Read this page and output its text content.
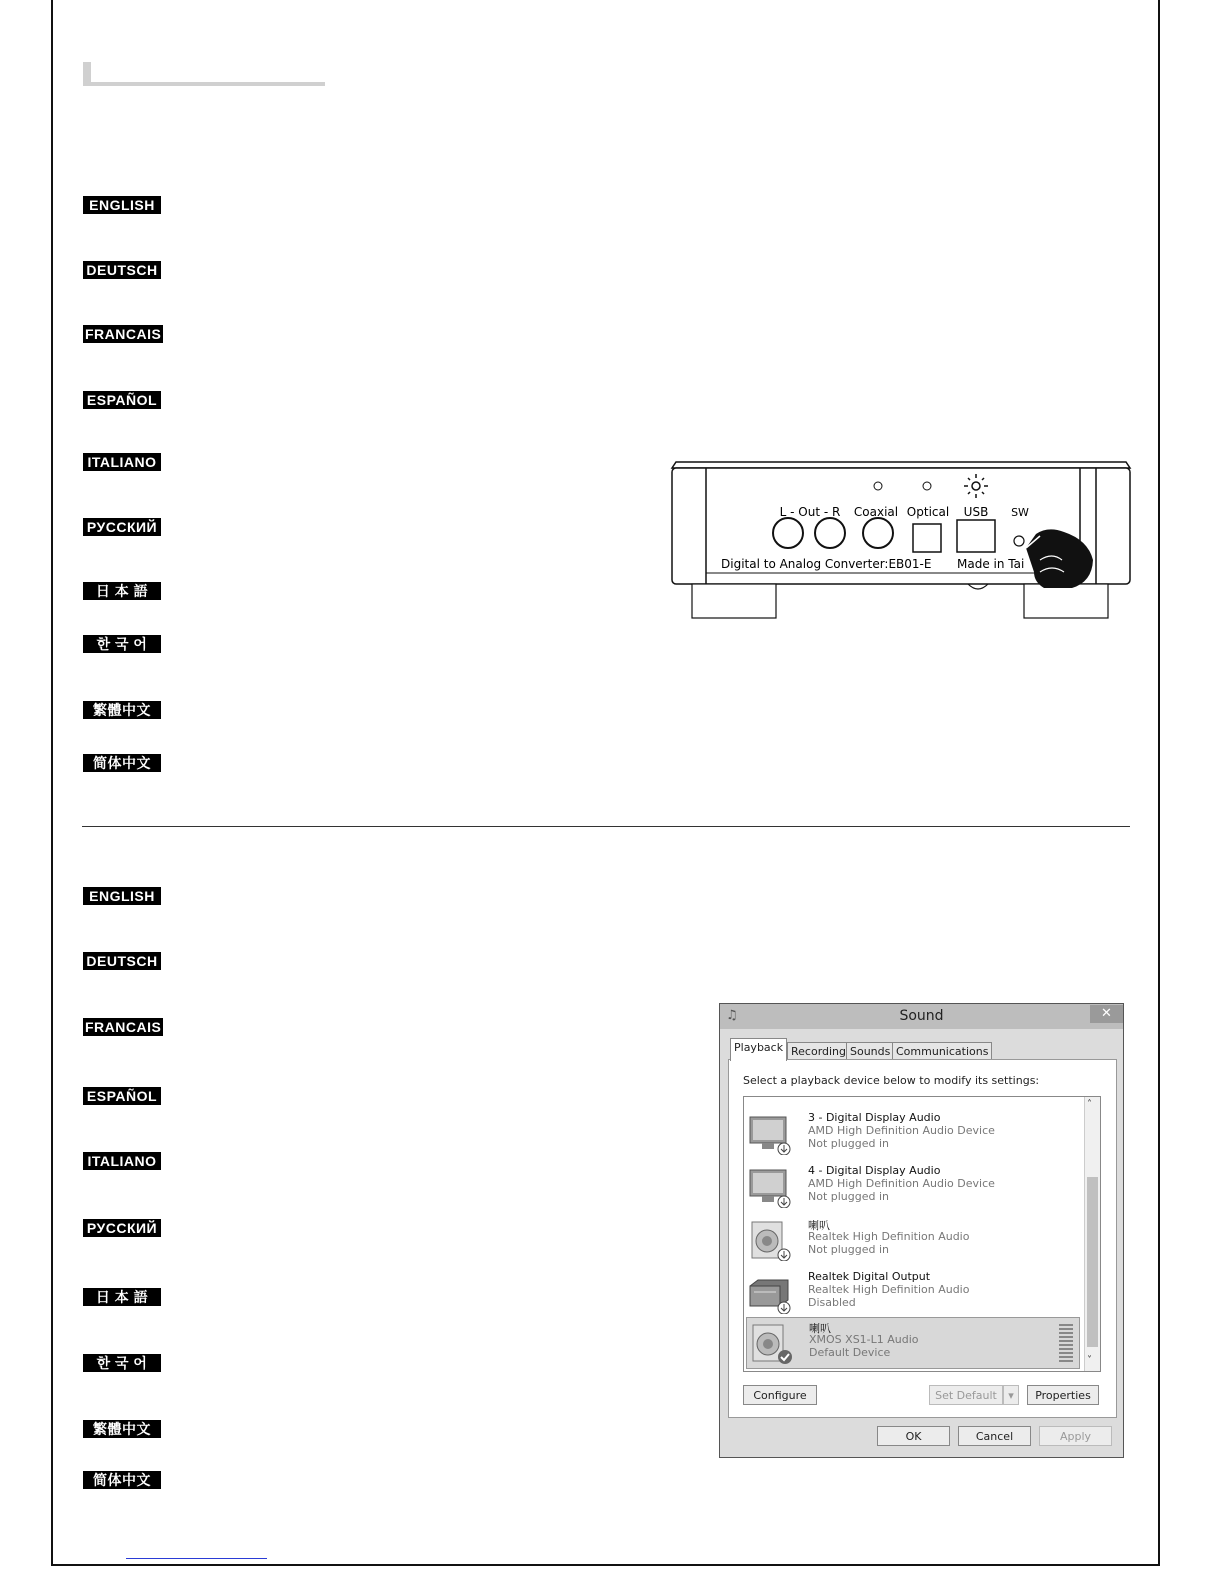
ENGLISH
DEUTSCH
FRANCAIS
ESPAÑOL
ITALIANO
РУССКИЙ
日 本 語
한 국 어
繁體中文
简体中文
L - Out - R Coaxial Optical USB SW
Digital to Analog Converter:EB01-E Made in Tai
ENGLISH
DEUTSCH
FRANCAIS
ESPAÑOL
ITALIANO
РУССКИЙ
日 本 語
한 국 어
繁體中文
简体中文
♫	Sound	✕
Playback Recording Sounds Communications
Select a playback device below to modify its settings:
3 - Digital Display Audio
AMD High Definition Audio Device
Not plugged in
4 - Digital Display Audio
AMD High Definition Audio Device
Not plugged in
喇叭
Realtek High Definition Audio
Not plugged in
Realtek Digital Output
Realtek High Definition Audio
Disabled
喇叭
XMOS XS1-L1 Audio
Default Device
˄
˅
Configure	Set Default	▾	Properties
OK	Cancel	Apply
